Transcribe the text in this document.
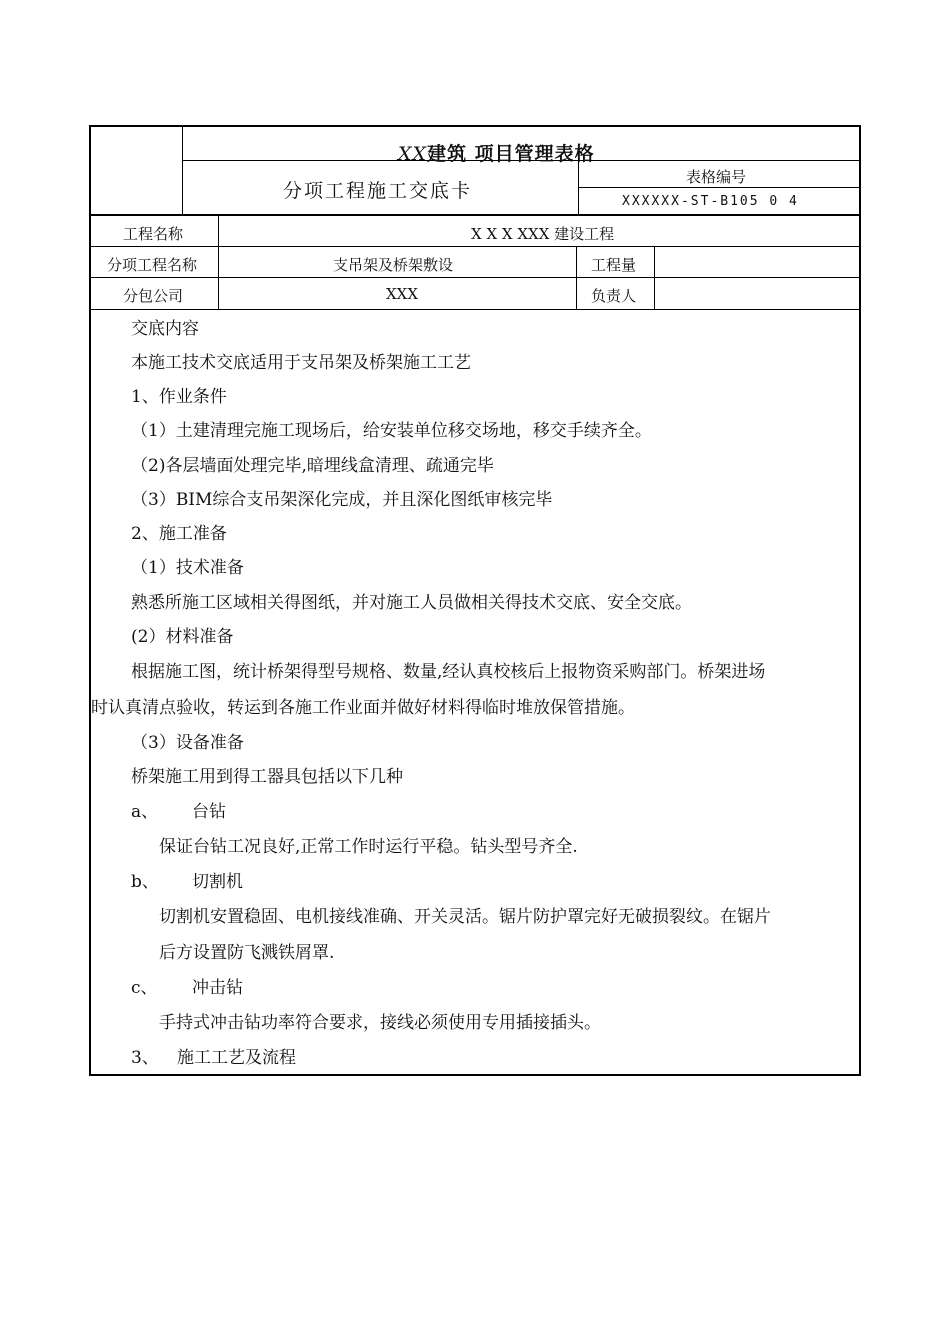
XX建筑 项目管理表格
分项工程施工交底卡
表格编号
XXXXXX-ST-B105 0 4
工程名称	X X X XXX 建设工程
分项工程名称	支吊架及桥架敷设	工程量
分包公司	XXX	负责人
交底内容
本施工技术交底适用于支吊架及桥架施工工艺
1、作业条件
（1）土建清理完施工现场后，给安装单位移交场地，移交手续齐全。
（2)各层墙面处理完毕,暗埋线盒清理、疏通完毕
（3）BIM综合支吊架深化完成，并且深化图纸审核完毕
2、施工准备
（1）技术准备
熟悉所施工区域相关得图纸，并对施工人员做相关得技术交底、安全交底。
(2）材料准备
根据施工图，统计桥架得型号规格、数量,经认真校核后上报物资采购部门。桥架进场
时认真清点验收，转运到各施工作业面并做好材料得临时堆放保管措施。
（3）设备准备
桥架施工用到得工器具包括以下几种
a、 台钻
保证台钻工况良好,正常工作时运行平稳。钻头型号齐全.
b、 切割机
切割机安置稳固、电机接线准确、开关灵活。锯片防护罩完好无破损裂纹。在锯片
后方设置防飞溅铁屑罩.
c、 冲击钻
手持式冲击钻功率符合要求，接线必须使用专用插接插头。
3、 施工工艺及流程
